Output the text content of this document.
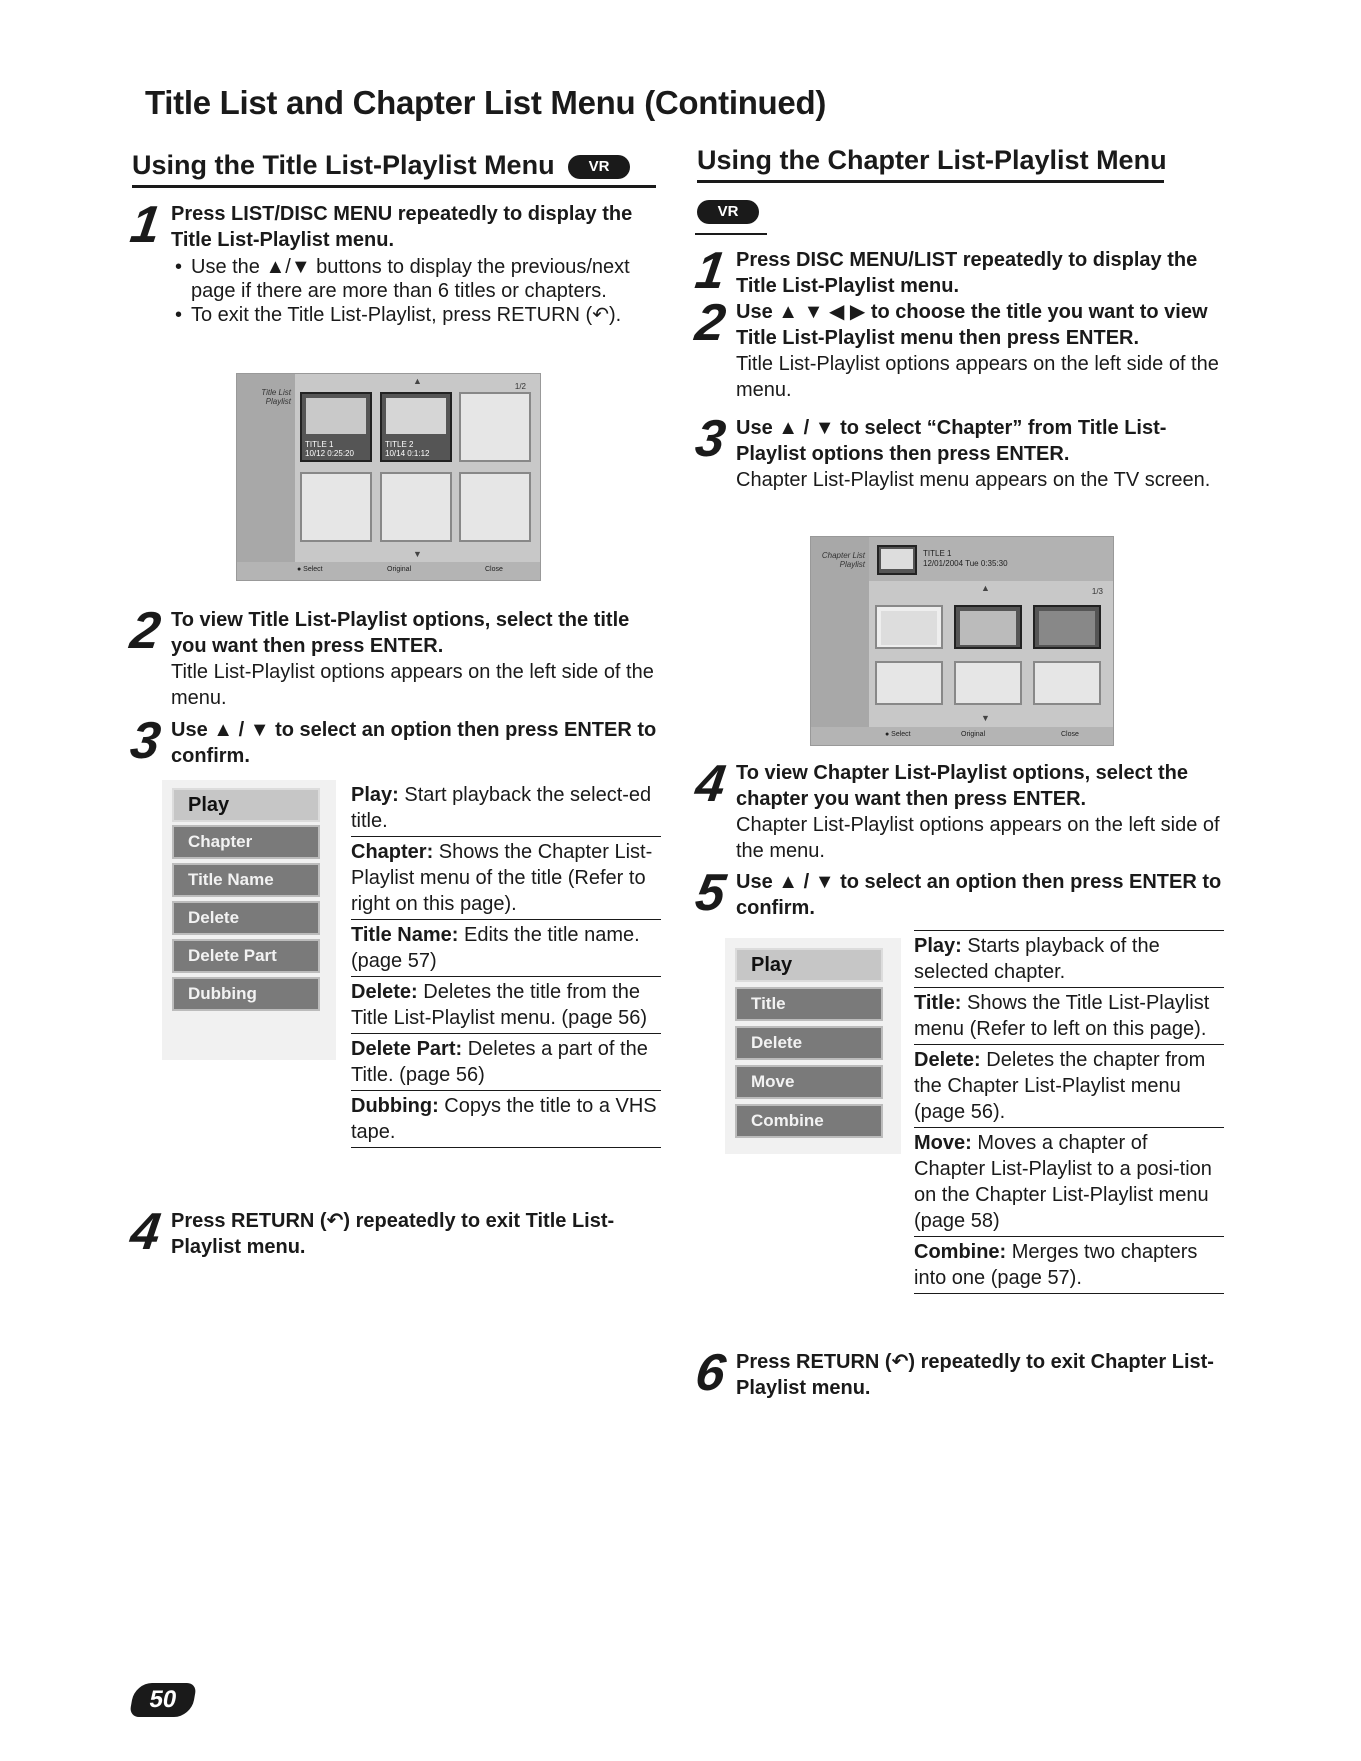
Title List and Chapter List Menu (Continued)
Using the Title List-Playlist Menu VR
1 Press LIST/DISC MENU repeatedly to display the Title List-Playlist menu.
• Use the ▲/▼ buttons to display the previous/next page if there are more than 6 titles or chapters.
• To exit the Title List-Playlist, press RETURN (↶).
Title List Playlist
▲
1/2
TITLE 1
10/12 0:25:20
TITLE 2
10/14 0:1:12
▼
● Select	Original	Close
2 To view Title List-Playlist options, select the title you want then press ENTER.
Title List-Playlist options appears on the left side of the menu.
3 Use ▲ / ▼ to select an option then press ENTER to confirm.
Play
Chapter
Title Name
Delete
Delete Part
Dubbing
Play: Start playback the select-ed title.
Chapter: Shows the Chapter List-Playlist menu of the title (Refer to right on this page).
Title Name: Edits the title name. (page 57)
Delete: Deletes the title from the Title List-Playlist menu. (page 56)
Delete Part: Deletes a part of the Title. (page 56)
Dubbing: Copys the title to a VHS tape.
4 Press RETURN (↶) repeatedly to exit Title List-Playlist menu.
Using the Chapter List-Playlist Menu
VR
1 Press DISC MENU/LIST repeatedly to display the Title List-Playlist menu.
2 Use ▲ ▼ ◀ ▶ to choose the title you want to view Title List-Playlist menu then press ENTER.
Title List-Playlist options appears on the left side of the menu.
3 Use ▲ / ▼ to select “Chapter” from Title List-Playlist options then press ENTER.
Chapter List-Playlist menu appears on the TV screen.
Chapter List Playlist
TITLE 1
12/01/2004 Tue 0:35:30
▲	1/3
▼
● Select	Original	Close
4 To view Chapter List-Playlist options, select the chapter you want then press ENTER.
Chapter List-Playlist options appears on the left side of the menu.
5 Use ▲ / ▼ to select an option then press ENTER to confirm.
Play
Title
Delete
Move
Combine
Play: Starts playback of the selected chapter.
Title: Shows the Title List-Playlist menu (Refer to left on this page).
Delete: Deletes the chapter from the Chapter List-Playlist menu (page 56).
Move: Moves a chapter of Chapter List-Playlist to a posi-tion on the Chapter List-Playlist menu (page 58)
Combine: Merges two chapters into one (page 57).
6 Press RETURN (↶) repeatedly to exit Chapter List-Playlist menu.
50
